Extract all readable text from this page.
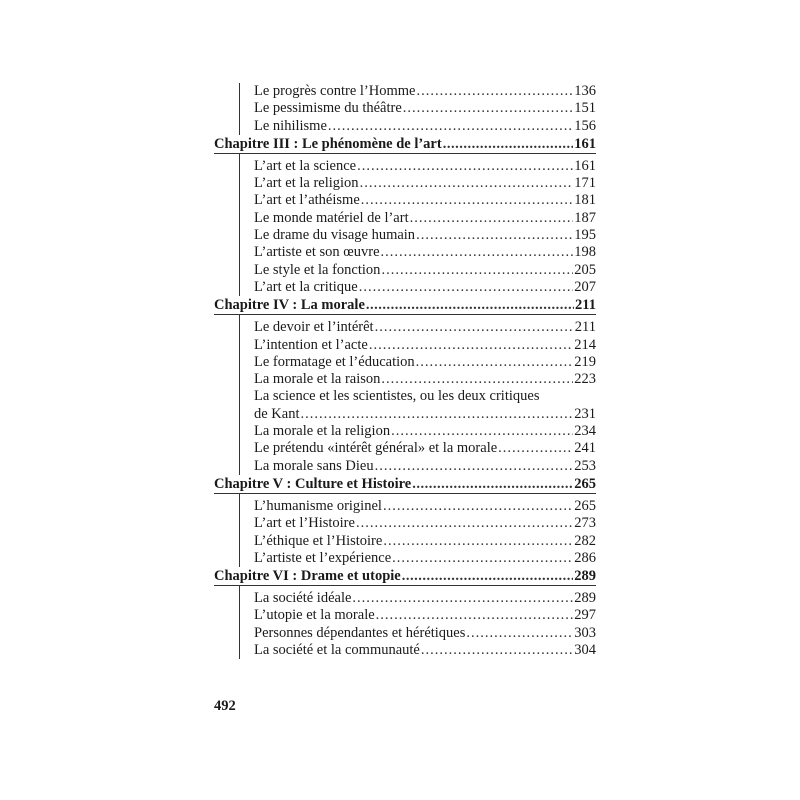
Le progrès contre l’Homme .....	136
Le pessimisme du théâtre .....	151
Le nihilisme .....	156
Chapitre III : Le phénomène de l’art .....	161
L’art et la science .....	161
L’art et la religion .....	171
L’art et l’athéisme .....	181
Le monde matériel de l’art .....	187
Le drame du visage humain .....	195
L’artiste et son œuvre .....	198
Le style et la fonction .....	205
L’art et la critique .....	207
Chapitre IV : La morale .....	211
Le devoir et l’intérêt .....	211
L’intention et l’acte .....	214
Le formatage et l’éducation .....	219
La morale et la raison .....	223
La science et les scientistes, ou les deux critiques
de Kant .....	231
La morale et la religion .....	234
Le prétendu «intérêt général» et la morale .....	241
La morale sans Dieu .....	253
Chapitre V : Culture et Histoire .....	265
L’humanisme originel .....	265
L’art et l’Histoire .....	273
L’éthique et l’Histoire .....	282
L’artiste et l’expérience .....	286
Chapitre VI : Drame et utopie .....	289
La société idéale .....	289
L’utopie et la morale .....	297
Personnes dépendantes et hérétiques .....	303
La société et la communauté .....	304
492
